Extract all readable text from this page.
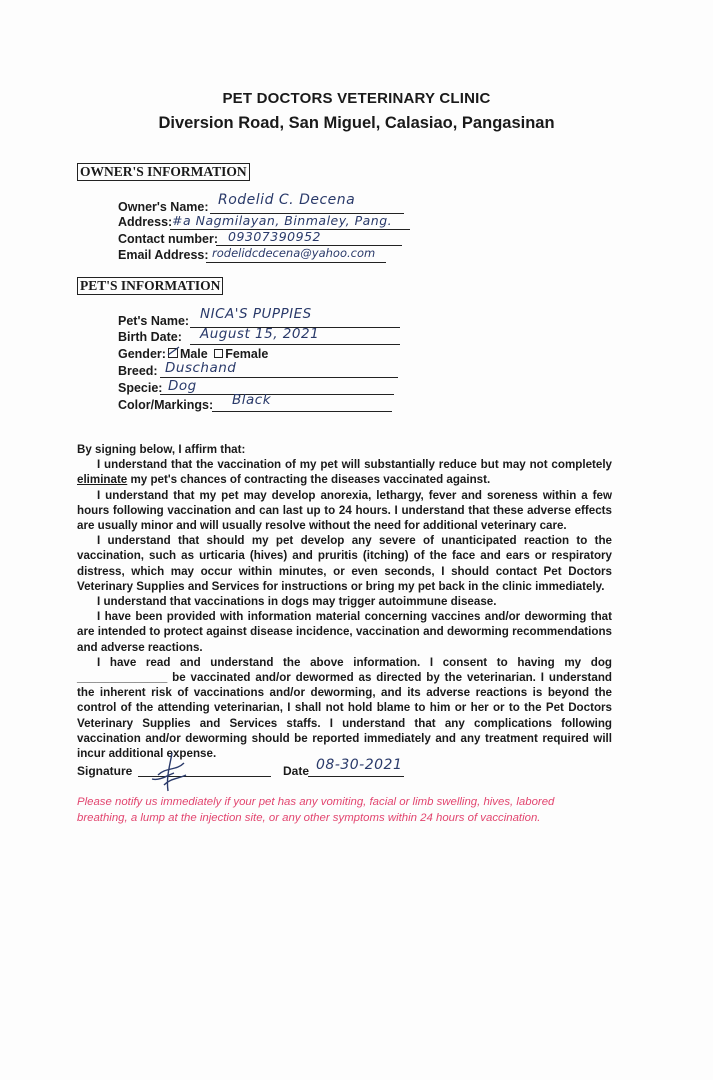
PET DOCTORS VETERINARY CLINIC
Diversion Road, San Miguel, Calasiao, Pangasinan
OWNER'S INFORMATION
Owner's Name: Rodelid C. Decena
Address: #a Nagmilayan, Binmaley, Pang.
Contact number: 09307390952
Email Address: rodelidcdecena@yahoo.com
PET'S INFORMATION
Pet's Name: NICA'S PUPPIES
Birth Date: August 15, 2021
Gender: Male Female
Breed: Duschand
Specie: Dog
Color/Markings: Black

By signing below, I affirm that:

I understand that the vaccination of my pet will substantially reduce but may not completely eliminate my pet's chances of contracting the diseases vaccinated against.

I understand that my pet may develop anorexia, lethargy, fever and soreness within a few hours following vaccination and can last up to 24 hours. I understand that these adverse effects are usually minor and will usually resolve without the need for additional veterinary care.

I understand that should my pet develop any severe of unanticipated reaction to the vaccination, such as urticaria (hives) and pruritis (itching) of the face and ears or respiratory distress, which may occur within minutes, or even seconds, I should contact Pet Doctors Veterinary Supplies and Services for instructions or bring my pet back in the clinic immediately.

I understand that vaccinations in dogs may trigger autoimmune disease.

I have been provided with information material concerning vaccines and/or deworming that are intended to protect against disease incidence, vaccination and deworming recommendations and adverse reactions.

I have read and understand the above information. I consent to having my dog ______________ be vaccinated and/or dewormed as directed by the veterinarian. I understand the inherent risk of vaccinations and/or deworming, and its adverse reactions is beyond the control of the attending veterinarian, I shall not hold blame to him or her or to the Pet Doctors Veterinary Supplies and Services staffs. I understand that any complications following vaccination and/or deworming should be reported immediately and any treatment required will incur additional expense.

Signature	Date 08-30-2021
Please notify us immediately if your pet has any vomiting, facial or limb swelling, hives, labored breathing, a lump at the injection site, or any other symptoms within 24 hours of vaccination.
